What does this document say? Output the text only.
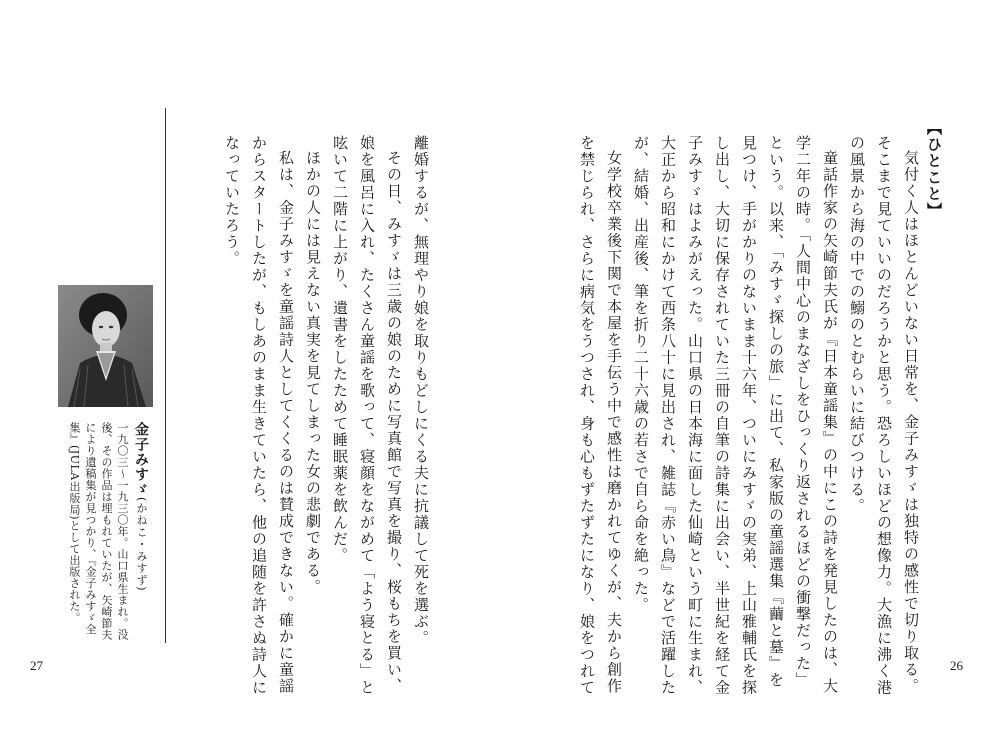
【ひとこと】
気付く人はほとんどいない日常を、金子みすゞは独特の感性で切り取る。
そこまで見ていいのだろうかと思う。恐ろしいほどの想像力。大漁に沸く港
の風景から海の中での鰯のとむらいに結びつける。
童話作家の矢崎節夫氏が『日本童謡集』の中にこの詩を発見したのは、大
学二年の時。「人間中心のまなざしをひっくり返されるほどの衝撃だった」
という。以来、「みすゞ探しの旅」に出て、私家版の童謡選集『繭と墓』を
見つけ、手がかりのないまま十六年、ついにみすゞの実弟、上山雅輔氏を探
し出し、大切に保存されていた三冊の自筆の詩集に出会い、半世紀を経て金
子みすゞはよみがえった。山口県の日本海に面した仙崎という町に生まれ、
大正から昭和にかけて西条八十に見出され、雑誌『赤い鳥』などで活躍した
が、結婚、出産後、筆を折り二十六歳の若さで自ら命を絶った。
女学校卒業後下関で本屋を手伝う中で感性は磨かれてゆくが、夫から創作
を禁じられ、さらに病気をうつされ、身も心もずたずたになり、娘をつれて	26
離婚するが、無理やり娘を取りもどしにくる夫に抗議して死を選ぶ。
その日、みすゞは三歳の娘のために写真館で写真を撮り、桜もちを買い、
娘を風呂に入れ、たくさん童謡を歌って、寝顔をながめて「よう寝とる」と
呟いて二階に上がり、遺書をしたためて睡眠薬を飲んだ。
ほかの人には見えない真実を見てしまった女の悲劇である。
私は、金子みすゞを童謡詩人としてくくるのは賛成できない。確かに童謡
からスタートしたが、もしあのまま生きていたら、他の追随を許さぬ詩人に
なっていたろう。
金子みすゞ(かねこ・みすず)
一九〇三〜一九三〇年。山口県生まれ。没
後、その作品は埋もれていたが、矢崎節夫
により遺稿集が見つかり、『金子みすゞ全
集』(JULA出版局)として出版された。
27
